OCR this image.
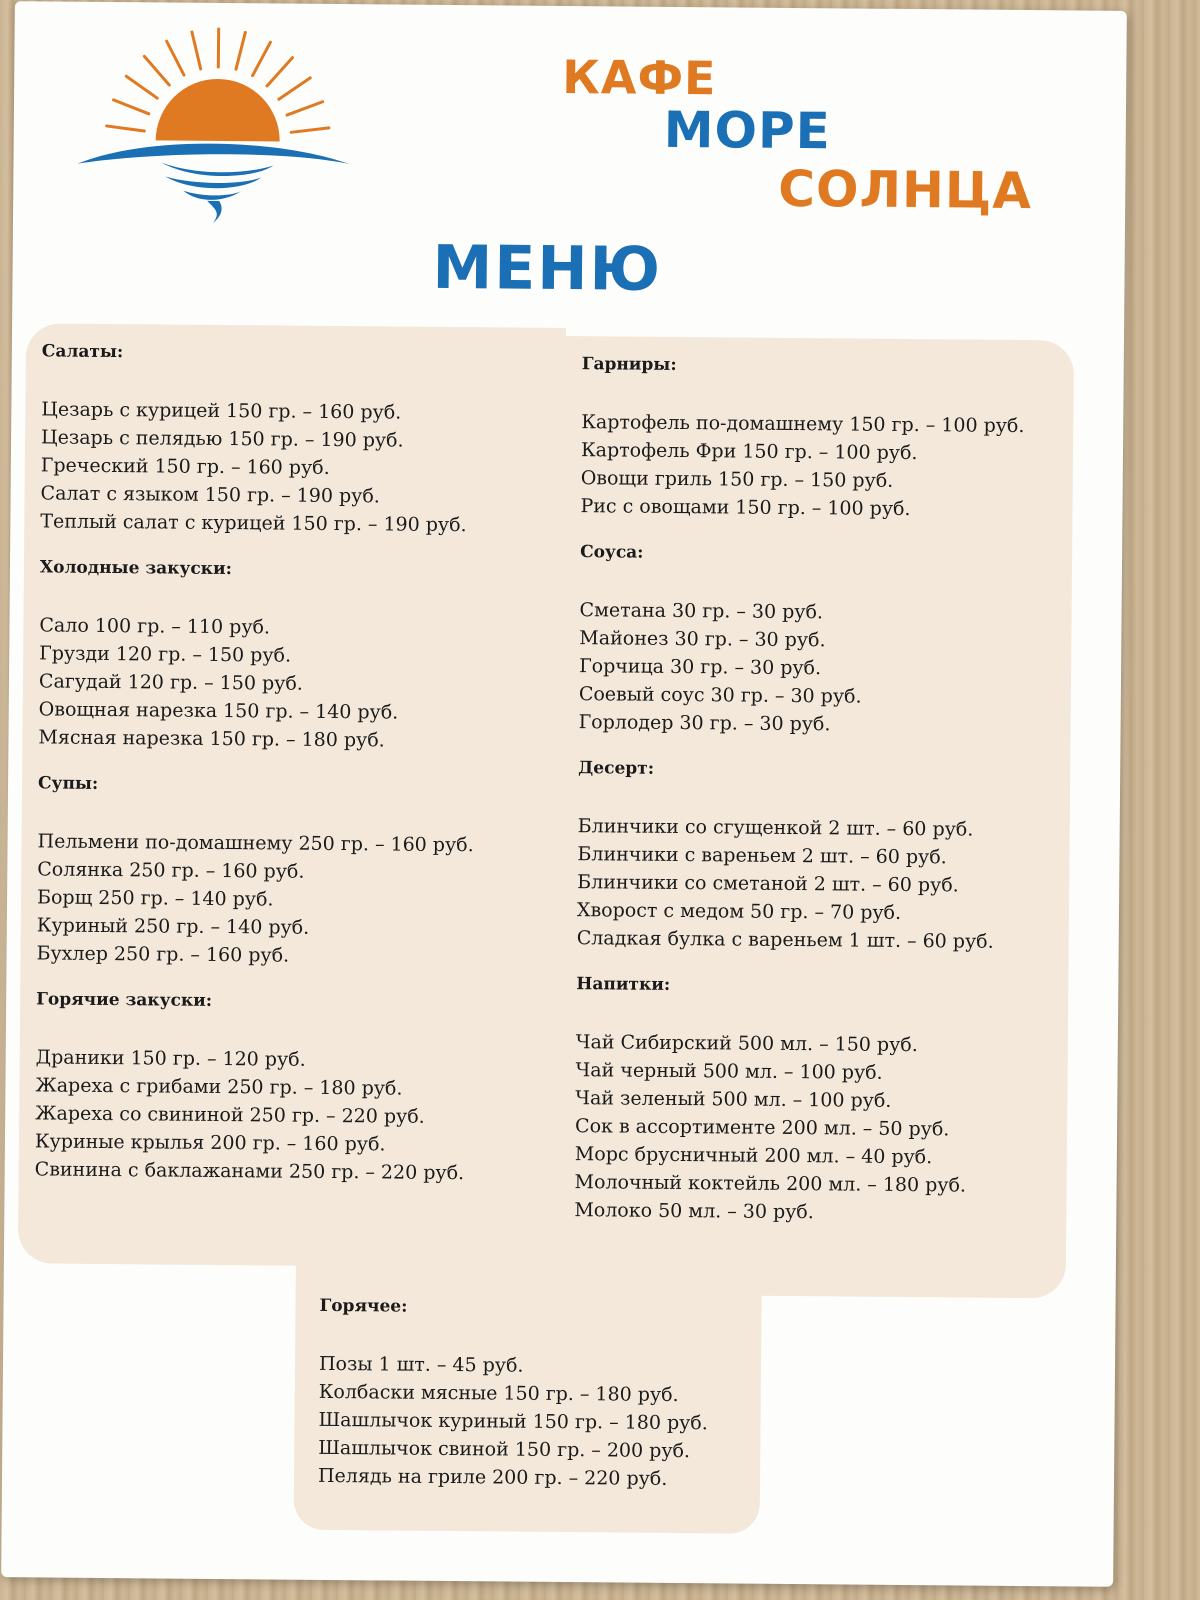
КАФЕ
МОРЕ
СОЛНЦА
МЕНЮ
Салаты:
Цезарь с курицей 150 гр. – 160 руб.
Цезарь с пелядью 150 гр. – 190 руб.
Греческий 150 гр. – 160 руб.
Салат с языком 150 гр. – 190 руб.
Теплый салат с курицей 150 гр. – 190 руб.
Холодные закуски:
Сало 100 гр. – 110 руб.
Грузди 120 гр. – 150 руб.
Сагудай 120 гр. – 150 руб.
Овощная нарезка 150 гр. – 140 руб.
Мясная нарезка 150 гр. – 180 руб.
Супы:
Пельмени по-домашнему 250 гр. – 160 руб.
Солянка 250 гр. – 160 руб.
Борщ 250 гр. – 140 руб.
Куриный 250 гр. – 140 руб.
Бухлер 250 гр. – 160 руб.
Горячие закуски:
Драники 150 гр. – 120 руб.
Жареха с грибами 250 гр. – 180 руб.
Жареха со свининой 250 гр. – 220 руб.
Куриные крылья 200 гр. – 160 руб.
Свинина с баклажанами 250 гр. – 220 руб.
Гарниры:
Картофель по-домашнему 150 гр. – 100 руб.
Картофель Фри 150 гр. – 100 руб.
Овощи гриль 150 гр. – 150 руб.
Рис с овощами 150 гр. – 100 руб.
Соуса:
Сметана 30 гр. – 30 руб.
Майонез 30 гр. – 30 руб.
Горчица 30 гр. – 30 руб.
Соевый соус 30 гр. – 30 руб.
Горлодер 30 гр. – 30 руб.
Десерт:
Блинчики со сгущенкой 2 шт. – 60 руб.
Блинчики с вареньем 2 шт. – 60 руб.
Блинчики со сметаной 2 шт. – 60 руб.
Хворост с медом 50 гр. – 70 руб.
Сладкая булка с вареньем 1 шт. – 60 руб.
Напитки:
Чай Сибирский 500 мл. – 150 руб.
Чай черный 500 мл. – 100 руб.
Чай зеленый 500 мл. – 100 руб.
Сок в ассортименте 200 мл. – 50 руб.
Морс брусничный 200 мл. – 40 руб.
Молочный коктейль 200 мл. – 180 руб.
Молоко 50 мл. – 30 руб.
Горячее:
Позы 1 шт. – 45 руб.
Колбаски мясные 150 гр. – 180 руб.
Шашлычок куриный 150 гр. – 180 руб.
Шашлычок свиной 150 гр. – 200 руб.
Пелядь на гриле 200 гр. – 220 руб.
